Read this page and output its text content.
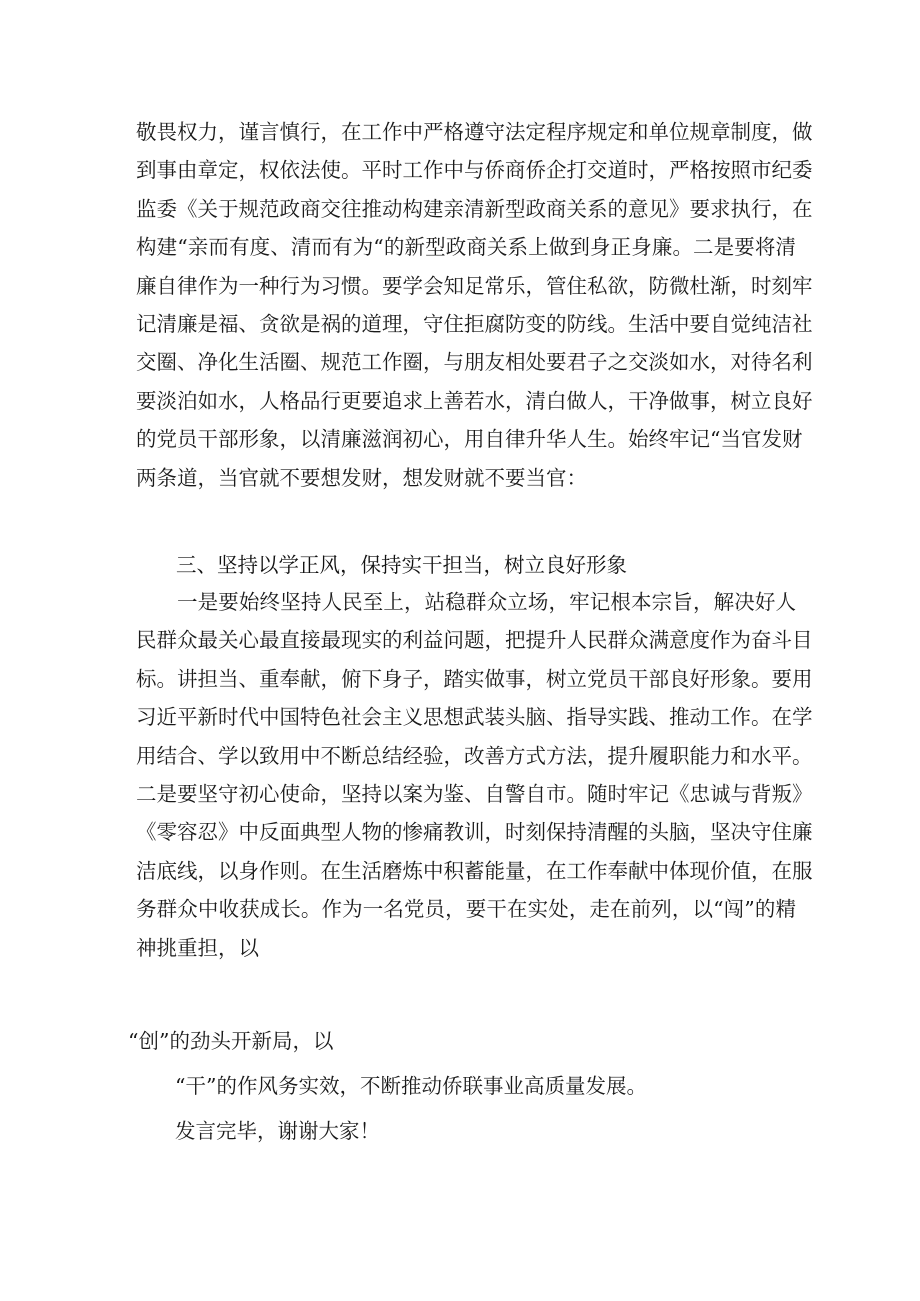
敬畏权力，谨言慎行，在工作中严格遵守法定程序规定和单位规章制度，做
到事由章定，权依法使。平时工作中与侨商侨企打交道时，严格按照市纪委
监委《关于规范政商交往推动构建亲清新型政商关系的意见》要求执行，在
构建“亲而有度、清而有为“的新型政商关系上做到身正身廉。二是要将清
廉自律作为一种行为习惯。要学会知足常乐，管住私欲，防微杜渐，时刻牢
记清廉是福、贪欲是祸的道理，守住拒腐防变的防线。生活中要自觉纯洁社
交圈、净化生活圈、规范工作圈，与朋友相处要君子之交淡如水，对待名利
要淡泊如水，人格品行更要追求上善若水，清白做人，干净做事，树立良好
的党员干部形象，以清廉滋润初心，用自律升华人生。始终牢记“当官发财
两条道，当官就不要想发财，想发财就不要当官：
三、坚持以学正风，保持实干担当，树立良好形象
一是要始终坚持人民至上，站稳群众立场，牢记根本宗旨，解决好人
民群众最关心最直接最现实的利益问题，把提升人民群众满意度作为奋斗目
标。讲担当、重奉献，俯下身子，踏实做事，树立党员干部良好形象。要用
习近平新时代中国特色社会主义思想武装头脑、指导实践、推动工作。在学
用结合、学以致用中不断总结经验，改善方式方法，提升履职能力和水平。
二是要坚守初心使命，坚持以案为鉴、自警自市。随时牢记《忠诚与背叛》
《零容忍》中反面典型人物的惨痛教训，时刻保持清醒的头脑，坚决守住廉
洁底线，以身作则。在生活磨炼中积蓄能量，在工作奉献中体现价值，在服
务群众中收获成长。作为一名党员，要干在实处，走在前列，以“闯”的精
神挑重担，以
“创”的劲头开新局，以
“干”的作风务实效，不断推动侨联事业高质量发展。
发言完毕，谢谢大家！
